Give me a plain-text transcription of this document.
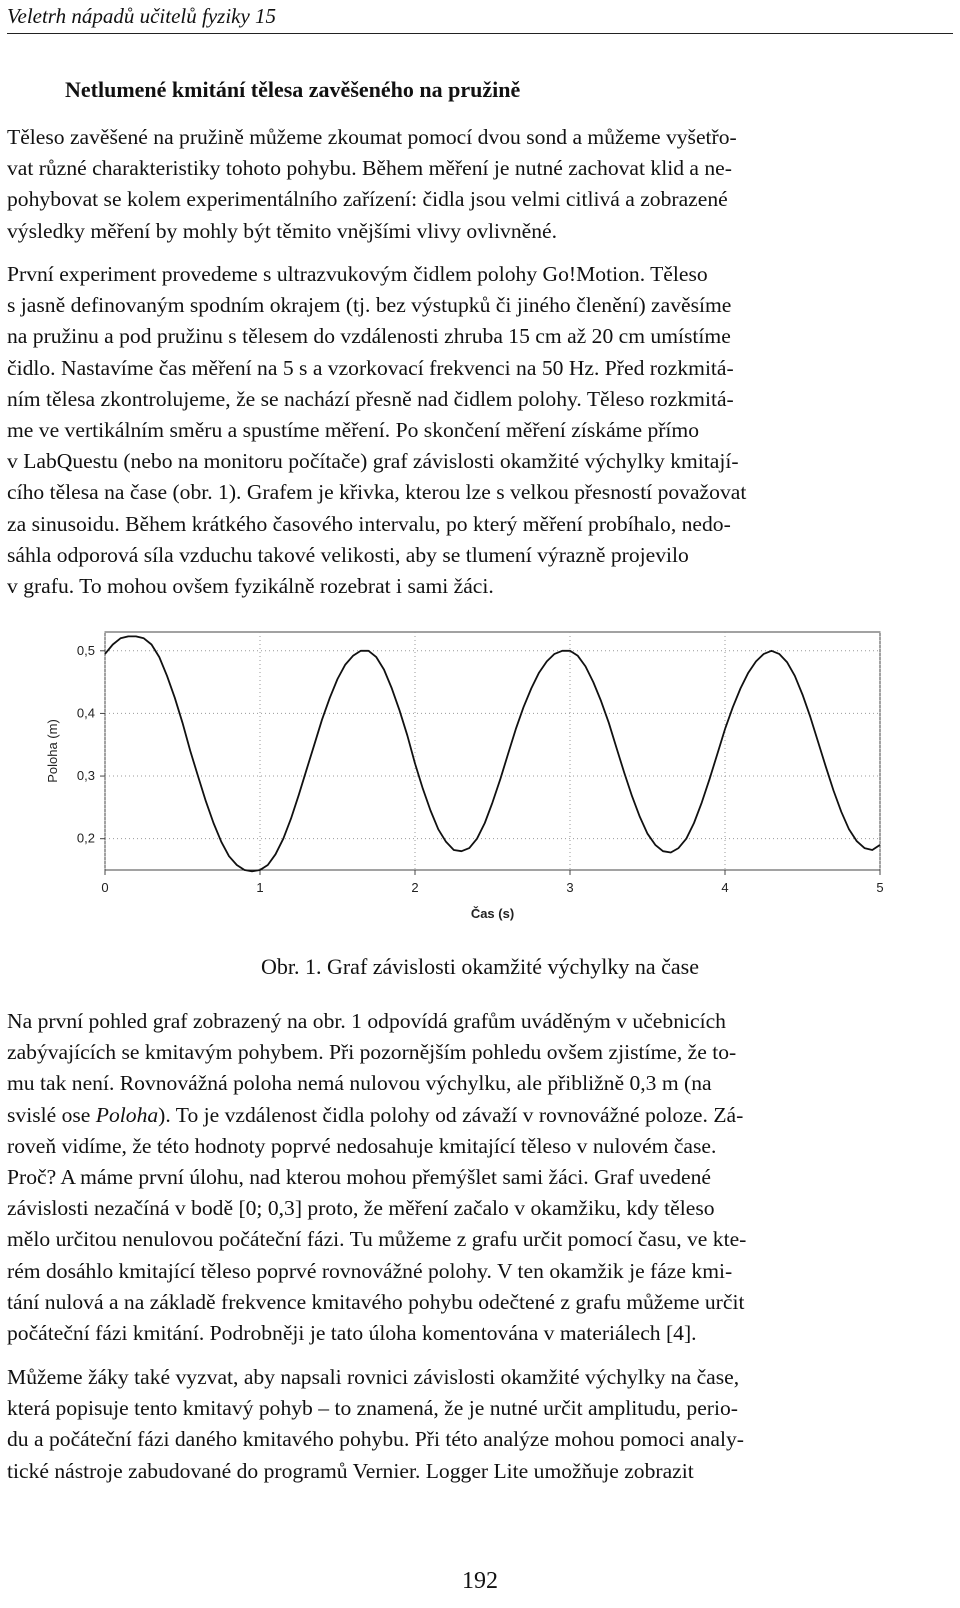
Veletrh nápadů učitelů fyziky 15
Netlumené kmitání tělesa zavěšeného na pružině
Těleso zavěšené na pružině můžeme zkoumat pomocí dvou sond a můžeme vyšetřo-
vat různé charakteristiky tohoto pohybu. Během měření je nutné zachovat klid a ne-
pohybovat se kolem experimentálního zařízení: čidla jsou velmi citlivá a zobrazené
výsledky měření by mohly být těmito vnějšími vlivy ovlivněné.
První experiment provedeme s ultrazvukovým čidlem polohy Go!Motion. Těleso
s jasně definovaným spodním okrajem (tj. bez výstupků či jiného členění) zavěsíme
na pružinu a pod pružinu s tělesem do vzdálenosti zhruba 15 cm až 20 cm umístíme
čidlo. Nastavíme čas měření na 5 s a vzorkovací frekvenci na 50 Hz. Před rozkmitá-
ním tělesa zkontrolujeme, že se nachází přesně nad čidlem polohy. Těleso rozkmitá-
me ve vertikálním směru a spustíme měření. Po skončení měření získáme přímo
v LabQuestu (nebo na monitoru počítače) graf závislosti okamžité výchylky kmitají-
cího tělesa na čase (obr. 1). Grafem je křivka, kterou lze s velkou přesností považovat
za sinusoidu. Během krátkého časového intervalu, po který měření probíhalo, nedo-
sáhla odporová síla vzduchu takové velikosti, aby se tlumení výrazně projevilo
v grafu. To mohou ovšem fyzikálně rozebrat i sami žáci.
0	1	2	3	4	5
0,2
0,3
0,4
0,5
Čas (s)
Poloha (m)
Obr. 1. Graf závislosti okamžité výchylky na čase
Na první pohled graf zobrazený na obr. 1 odpovídá grafům uváděným v učebnicích
zabývajících se kmitavým pohybem. Při pozornějším pohledu ovšem zjistíme, že to-
mu tak není. Rovnovážná poloha nemá nulovou výchylku, ale přibližně 0,3 m (na
svislé ose Poloha). To je vzdálenost čidla polohy od závaží v rovnovážné poloze. Zá-
roveň vidíme, že této hodnoty poprvé nedosahuje kmitající těleso v nulovém čase.
Proč? A máme první úlohu, nad kterou mohou přemýšlet sami žáci. Graf uvedené
závislosti nezačíná v bodě [0; 0,3] proto, že měření začalo v okamžiku, kdy těleso
mělo určitou nenulovou počáteční fázi. Tu můžeme z grafu určit pomocí času, ve kte-
rém dosáhlo kmitající těleso poprvé rovnovážné polohy. V ten okamžik je fáze kmi-
tání nulová a na základě frekvence kmitavého pohybu odečtené z grafu můžeme určit
počáteční fázi kmitání. Podrobněji je tato úloha komentována v materiálech [4].
Můžeme žáky také vyzvat, aby napsali rovnici závislosti okamžité výchylky na čase,
která popisuje tento kmitavý pohyb – to znamená, že je nutné určit amplitudu, perio-
du a počáteční fázi daného kmitavého pohybu. Při této analýze mohou pomoci analy-
tické nástroje zabudované do programů Vernier. Logger Lite umožňuje zobrazit
192
